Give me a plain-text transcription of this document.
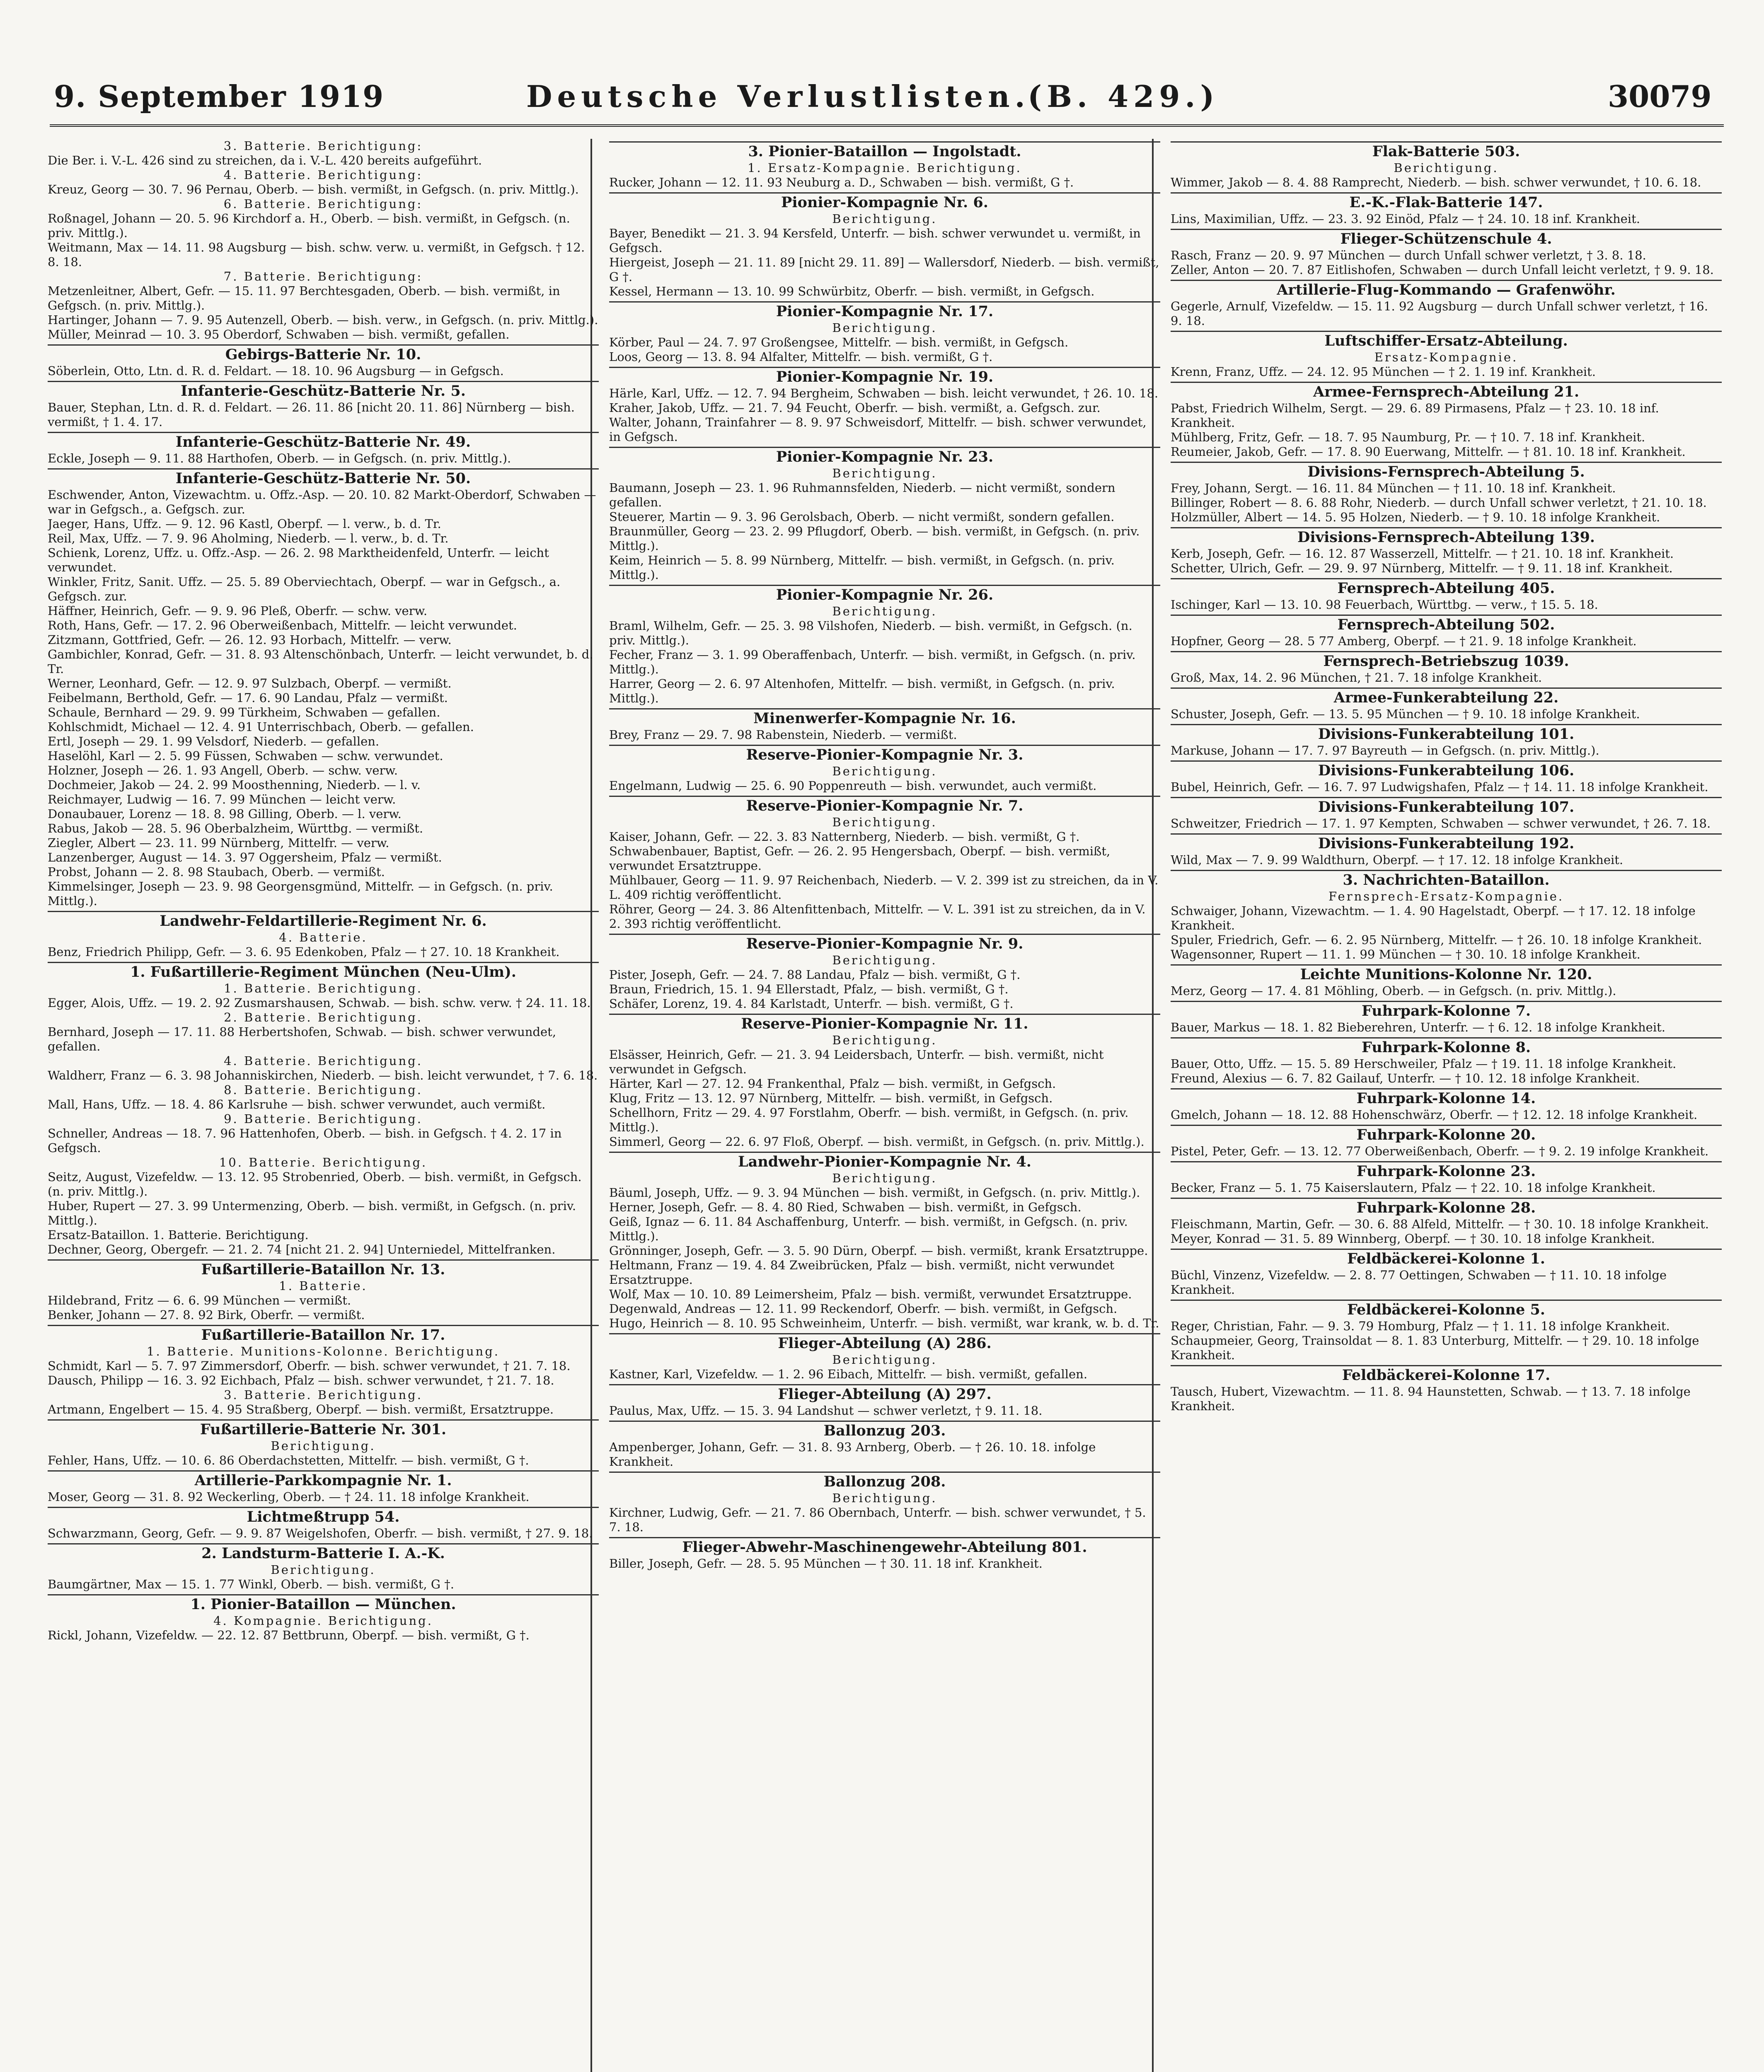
9. September 1919	Deutsche Verlustlisten.
(B. 429.)	30079
3. Batterie. Berichtigung:
Die Ber. i. V.-L. 426 sind zu streichen, da i. V.-L. 420 bereits aufgeführt.
4. Batterie. Berichtigung:
Kreuz, Georg — 30. 7. 96 Pernau, Oberb. — bish. vermißt, in Gefgsch. (n. priv. Mittlg.).
6. Batterie. Berichtigung:
Roßnagel, Johann — 20. 5. 96 Kirchdorf a. H., Oberb. — bish. vermißt, in Gefgsch. (n. priv. Mittlg.).
Weitmann, Max — 14. 11. 98 Augsburg — bish. schw. verw. u. vermißt, in Gefgsch. † 12. 8. 18.
7. Batterie. Berichtigung:
Metzenleitner, Albert, Gefr. — 15. 11. 97 Berchtesgaden, Oberb. — bish. vermißt, in Gefgsch. (n. priv. Mittlg.).
Hartinger, Johann — 7. 9. 95 Autenzell, Oberb. — bish. verw., in Gefgsch. (n. priv. Mittlg.).
Müller, Meinrad — 10. 3. 95 Oberdorf, Schwaben — bish. vermißt, gefallen.
Gebirgs-Batterie Nr. 10.
Söberlein, Otto, Ltn. d. R. d. Feldart. — 18. 10. 96 Augsburg — in Gefgsch.
Infanterie-Geschütz-Batterie Nr. 5.
Bauer, Stephan, Ltn. d. R. d. Feldart. — 26. 11. 86 [nicht 20. 11. 86] Nürnberg — bish. vermißt, † 1. 4. 17.
Infanterie-Geschütz-Batterie Nr. 49.
Eckle, Joseph — 9. 11. 88 Harthofen, Oberb. — in Gefgsch. (n. priv. Mittlg.).
Infanterie-Geschütz-Batterie Nr. 50.
Eschwender, Anton, Vizewachtm. u. Offz.-Asp. — 20. 10. 82 Markt-Oberdorf, Schwaben — war in Gefgsch., a. Gefgsch. zur.
Jaeger, Hans, Uffz. — 9. 12. 96 Kastl, Oberpf. — l. verw., b. d. Tr.
Reil, Max, Uffz. — 7. 9. 96 Aholming, Niederb. — l. verw., b. d. Tr.
Schienk, Lorenz, Uffz. u. Offz.-Asp. — 26. 2. 98 Marktheidenfeld, Unterfr. — leicht verwundet.
Winkler, Fritz, Sanit. Uffz. — 25. 5. 89 Oberviechtach, Oberpf. — war in Gefgsch., a. Gefgsch. zur.
Häffner, Heinrich, Gefr. — 9. 9. 96 Pleß, Oberfr. — schw. verw.
Roth, Hans, Gefr. — 17. 2. 96 Oberweißenbach, Mittelfr. — leicht verwundet.
Zitzmann, Gottfried, Gefr. — 26. 12. 93 Horbach, Mittelfr. — verw.
Gambichler, Konrad, Gefr. — 31. 8. 93 Altenschönbach, Unterfr. — leicht verwundet, b. d. Tr.
Werner, Leonhard, Gefr. — 12. 9. 97 Sulzbach, Oberpf. — vermißt.
Feibelmann, Berthold, Gefr. — 17. 6. 90 Landau, Pfalz — vermißt.
Schaule, Bernhard — 29. 9. 99 Türkheim, Schwaben — gefallen.
Kohlschmidt, Michael — 12. 4. 91 Unterrischbach, Oberb. — gefallen.
Ertl, Joseph — 29. 1. 99 Velsdorf, Niederb. — gefallen.
Haselöhl, Karl — 2. 5. 99 Füssen, Schwaben — schw. verwundet.
Holzner, Joseph — 26. 1. 93 Angell, Oberb. — schw. verw.
Dochmeier, Jakob — 24. 2. 99 Moosthenning, Niederb. — l. v.
Reichmayer, Ludwig — 16. 7. 99 München — leicht verw.
Donaubauer, Lorenz — 18. 8. 98 Gilling, Oberb. — l. verw.
Rabus, Jakob — 28. 5. 96 Oberbalzheim, Württbg. — vermißt.
Ziegler, Albert — 23. 11. 99 Nürnberg, Mittelfr. — verw.
Lanzenberger, August — 14. 3. 97 Oggersheim, Pfalz — vermißt.
Probst, Johann — 2. 8. 98 Staubach, Oberb. — vermißt.
Kimmelsinger, Joseph — 23. 9. 98 Georgensgmünd, Mittelfr. — in Gefgsch. (n. priv. Mittlg.).
Landwehr-Feldartillerie-Regiment Nr. 6.
4. Batterie.
Benz, Friedrich Philipp, Gefr. — 3. 6. 95 Edenkoben, Pfalz — † 27. 10. 18 Krankheit.
1. Fußartillerie-Regiment München (Neu-Ulm).
1. Batterie. Berichtigung.
Egger, Alois, Uffz. — 19. 2. 92 Zusmarshausen, Schwab. — bish. schw. verw. † 24. 11. 18.
2. Batterie. Berichtigung.
Bernhard, Joseph — 17. 11. 88 Herbertshofen, Schwab. — bish. schwer verwundet, gefallen.
4. Batterie. Berichtigung.
Waldherr, Franz — 6. 3. 98 Johanniskirchen, Niederb. — bish. leicht verwundet, † 7. 6. 18.
8. Batterie. Berichtigung.
Mall, Hans, Uffz. — 18. 4. 86 Karlsruhe — bish. schwer verwundet, auch vermißt.
9. Batterie. Berichtigung.
Schneller, Andreas — 18. 7. 96 Hattenhofen, Oberb. — bish. in Gefgsch. † 4. 2. 17 in Gefgsch.
10. Batterie. Berichtigung.
Seitz, August, Vizefeldw. — 13. 12. 95 Strobenried, Oberb. — bish. vermißt, in Gefgsch. (n. priv. Mittlg.).
Huber, Rupert — 27. 3. 99 Untermenzing, Oberb. — bish. vermißt, in Gefgsch. (n. priv. Mittlg.).
Ersatz-Bataillon. 1. Batterie. Berichtigung.
Dechner, Georg, Obergefr. — 21. 2. 74 [nicht 21. 2. 94] Unterniedel, Mittelfranken.
Fußartillerie-Bataillon Nr. 13.
1. Batterie.
Hildebrand, Fritz — 6. 6. 99 München — vermißt.
Benker, Johann — 27. 8. 92 Birk, Oberfr. — vermißt.
Fußartillerie-Bataillon Nr. 17.
1. Batterie. Munitions-Kolonne. Berichtigung.
Schmidt, Karl — 5. 7. 97 Zimmersdorf, Oberfr. — bish. schwer verwundet, † 21. 7. 18.
Dausch, Philipp — 16. 3. 92 Eichbach, Pfalz — bish. schwer verwundet, † 21. 7. 18.
3. Batterie. Berichtigung.
Artmann, Engelbert — 15. 4. 95 Straßberg, Oberpf. — bish. vermißt, Ersatztruppe.
Fußartillerie-Batterie Nr. 301.
Berichtigung.
Fehler, Hans, Uffz. — 10. 6. 86 Oberdachstetten, Mittelfr. — bish. vermißt, G †.
Artillerie-Parkkompagnie Nr. 1.
Moser, Georg — 31. 8. 92 Weckerling, Oberb. — † 24. 11. 18 infolge Krankheit.
Lichtmeßtrupp 54.
Schwarzmann, Georg, Gefr. — 9. 9. 87 Weigelshofen, Oberfr. — bish. vermißt, † 27. 9. 18.
2. Landsturm-Batterie I. A.-K.
Berichtigung.
Baumgärtner, Max — 15. 1. 77 Winkl, Oberb. — bish. vermißt, G †.
1. Pionier-Bataillon — München.
4. Kompagnie. Berichtigung.
Rickl, Johann, Vizefeldw. — 22. 12. 87 Bettbrunn, Oberpf. — bish. vermißt, G †.
3. Pionier-Bataillon — Ingolstadt.
1. Ersatz-Kompagnie. Berichtigung.
Rucker, Johann — 12. 11. 93 Neuburg a. D., Schwaben — bish. vermißt, G †.
Pionier-Kompagnie Nr. 6.
Berichtigung.
Bayer, Benedikt — 21. 3. 94 Kersfeld, Unterfr. — bish. schwer verwundet u. vermißt, in Gefgsch.
Hiergeist, Joseph — 21. 11. 89 [nicht 29. 11. 89] — Wallersdorf, Niederb. — bish. vermißt, G †.
Kessel, Hermann — 13. 10. 99 Schwürbitz, Oberfr. — bish. vermißt, in Gefgsch.
Pionier-Kompagnie Nr. 17.
Berichtigung.
Körber, Paul — 24. 7. 97 Großengsee, Mittelfr. — bish. vermißt, in Gefgsch.
Loos, Georg — 13. 8. 94 Alfalter, Mittelfr. — bish. vermißt, G †.
Pionier-Kompagnie Nr. 19.
Härle, Karl, Uffz. — 12. 7. 94 Bergheim, Schwaben — bish. leicht verwundet, † 26. 10. 18.
Kraher, Jakob, Uffz. — 21. 7. 94 Feucht, Oberfr. — bish. vermißt, a. Gefgsch. zur.
Walter, Johann, Trainfahrer — 8. 9. 97 Schweisdorf, Mittelfr. — bish. schwer verwundet, in Gefgsch.
Pionier-Kompagnie Nr. 23.
Berichtigung.
Baumann, Joseph — 23. 1. 96 Ruhmannsfelden, Niederb. — nicht vermißt, sondern gefallen.
Steuerer, Martin — 9. 3. 96 Gerolsbach, Oberb. — nicht vermißt, sondern gefallen.
Braunmüller, Georg — 23. 2. 99 Pflugdorf, Oberb. — bish. vermißt, in Gefgsch. (n. priv. Mittlg.).
Keim, Heinrich — 5. 8. 99 Nürnberg, Mittelfr. — bish. vermißt, in Gefgsch. (n. priv. Mittlg.).
Pionier-Kompagnie Nr. 26.
Berichtigung.
Braml, Wilhelm, Gefr. — 25. 3. 98 Vilshofen, Niederb. — bish. vermißt, in Gefgsch. (n. priv. Mittlg.).
Fecher, Franz — 3. 1. 99 Oberaffenbach, Unterfr. — bish. vermißt, in Gefgsch. (n. priv. Mittlg.).
Harrer, Georg — 2. 6. 97 Altenhofen, Mittelfr. — bish. vermißt, in Gefgsch. (n. priv. Mittlg.).
Minenwerfer-Kompagnie Nr. 16.
Brey, Franz — 29. 7. 98 Rabenstein, Niederb. — vermißt.
Reserve-Pionier-Kompagnie Nr. 3.
Berichtigung.
Engelmann, Ludwig — 25. 6. 90 Poppenreuth — bish. verwundet, auch vermißt.
Reserve-Pionier-Kompagnie Nr. 7.
Berichtigung.
Kaiser, Johann, Gefr. — 22. 3. 83 Natternberg, Niederb. — bish. vermißt, G †.
Schwabenbauer, Baptist, Gefr. — 26. 2. 95 Hengersbach, Oberpf. — bish. vermißt, verwundet Ersatztruppe.
Mühlbauer, Georg — 11. 9. 97 Reichenbach, Niederb. — V. 2. 399 ist zu streichen, da in V. L. 409 richtig veröffentlicht.
Röhrer, Georg — 24. 3. 86 Altenfittenbach, Mittelfr. — V. L. 391 ist zu streichen, da in V. 2. 393 richtig veröffentlicht.
Reserve-Pionier-Kompagnie Nr. 9.
Berichtigung.
Pister, Joseph, Gefr. — 24. 7. 88 Landau, Pfalz — bish. vermißt, G †.
Braun, Friedrich, 15. 1. 94 Ellerstadt, Pfalz, — bish. vermißt, G †.
Schäfer, Lorenz, 19. 4. 84 Karlstadt, Unterfr. — bish. vermißt, G †.
Reserve-Pionier-Kompagnie Nr. 11.
Berichtigung.
Elsässer, Heinrich, Gefr. — 21. 3. 94 Leidersbach, Unterfr. — bish. vermißt, nicht verwundet in Gefgsch.
Härter, Karl — 27. 12. 94 Frankenthal, Pfalz — bish. vermißt, in Gefgsch.
Klug, Fritz — 13. 12. 97 Nürnberg, Mittelfr. — bish. vermißt, in Gefgsch.
Schellhorn, Fritz — 29. 4. 97 Forstlahm, Oberfr. — bish. vermißt, in Gefgsch. (n. priv. Mittlg.).
Simmerl, Georg — 22. 6. 97 Floß, Oberpf. — bish. vermißt, in Gefgsch. (n. priv. Mittlg.).
Landwehr-Pionier-Kompagnie Nr. 4.
Berichtigung.
Bäuml, Joseph, Uffz. — 9. 3. 94 München — bish. vermißt, in Gefgsch. (n. priv. Mittlg.).
Herner, Joseph, Gefr. — 8. 4. 80 Ried, Schwaben — bish. vermißt, in Gefgsch.
Geiß, Ignaz — 6. 11. 84 Aschaffenburg, Unterfr. — bish. vermißt, in Gefgsch. (n. priv. Mittlg.).
Grönninger, Joseph, Gefr. — 3. 5. 90 Dürn, Oberpf. — bish. vermißt, krank Ersatztruppe.
Heltmann, Franz — 19. 4. 84 Zweibrücken, Pfalz — bish. vermißt, nicht verwundet Ersatztruppe.
Wolf, Max — 10. 10. 89 Leimersheim, Pfalz — bish. vermißt, verwundet Ersatztruppe.
Degenwald, Andreas — 12. 11. 99 Reckendorf, Oberfr. — bish. vermißt, in Gefgsch.
Hugo, Heinrich — 8. 10. 95 Schweinheim, Unterfr. — bish. vermißt, war krank, w. b. d. Tr.
Flieger-Abteilung (A) 286.
Berichtigung.
Kastner, Karl, Vizefeldw. — 1. 2. 96 Eibach, Mittelfr. — bish. vermißt, gefallen.
Flieger-Abteilung (A) 297.
Paulus, Max, Uffz. — 15. 3. 94 Landshut — schwer verletzt, † 9. 11. 18.
Ballonzug 203.
Ampenberger, Johann, Gefr. — 31. 8. 93 Arnberg, Oberb. — † 26. 10. 18. infolge Krankheit.
Ballonzug 208.
Berichtigung.
Kirchner, Ludwig, Gefr. — 21. 7. 86 Obernbach, Unterfr. — bish. schwer verwundet, † 5. 7. 18.
Flieger-Abwehr-Maschinengewehr-Abteilung 801.
Biller, Joseph, Gefr. — 28. 5. 95 München — † 30. 11. 18 inf. Krankheit.
Flak-Batterie 503.
Berichtigung.
Wimmer, Jakob — 8. 4. 88 Ramprecht, Niederb. — bish. schwer verwundet, † 10. 6. 18.
E.-K.-Flak-Batterie 147.
Lins, Maximilian, Uffz. — 23. 3. 92 Einöd, Pfalz — † 24. 10. 18 inf. Krankheit.
Flieger-Schützenschule 4.
Rasch, Franz — 20. 9. 97 München — durch Unfall schwer verletzt, † 3. 8. 18.
Zeller, Anton — 20. 7. 87 Eitlishofen, Schwaben — durch Unfall leicht verletzt, † 9. 9. 18.
Artillerie-Flug-Kommando — Grafenwöhr.
Gegerle, Arnulf, Vizefeldw. — 15. 11. 92 Augsburg — durch Unfall schwer verletzt, † 16. 9. 18.
Luftschiffer-Ersatz-Abteilung.
Ersatz-Kompagnie.
Krenn, Franz, Uffz. — 24. 12. 95 München — † 2. 1. 19 inf. Krankheit.
Armee-Fernsprech-Abteilung 21.
Pabst, Friedrich Wilhelm, Sergt. — 29. 6. 89 Pirmasens, Pfalz — † 23. 10. 18 inf. Krankheit.
Mühlberg, Fritz, Gefr. — 18. 7. 95 Naumburg, Pr. — † 10. 7. 18 inf. Krankheit.
Reumeier, Jakob, Gefr. — 17. 8. 90 Euerwang, Mittelfr. — † 81. 10. 18 inf. Krankheit.
Divisions-Fernsprech-Abteilung 5.
Frey, Johann, Sergt. — 16. 11. 84 München — † 11. 10. 18 inf. Krankheit.
Billinger, Robert — 8. 6. 88 Rohr, Niederb. — durch Unfall schwer verletzt, † 21. 10. 18.
Holzmüller, Albert — 14. 5. 95 Holzen, Niederb. — † 9. 10. 18 infolge Krankheit.
Divisions-Fernsprech-Abteilung 139.
Kerb, Joseph, Gefr. — 16. 12. 87 Wasserzell, Mittelfr. — † 21. 10. 18 inf. Krankheit.
Schetter, Ulrich, Gefr. — 29. 9. 97 Nürnberg, Mittelfr. — † 9. 11. 18 inf. Krankheit.
Fernsprech-Abteilung 405.
Ischinger, Karl — 13. 10. 98 Feuerbach, Württbg. — verw., † 15. 5. 18.
Fernsprech-Abteilung 502.
Hopfner, Georg — 28. 5 77 Amberg, Oberpf. — † 21. 9. 18 infolge Krankheit.
Fernsprech-Betriebszug 1039.
Groß, Max, 14. 2. 96 München, † 21. 7. 18 infolge Krankheit.
Armee-Funkerabteilung 22.
Schuster, Joseph, Gefr. — 13. 5. 95 München — † 9. 10. 18 infolge Krankheit.
Divisions-Funkerabteilung 101.
Markuse, Johann — 17. 7. 97 Bayreuth — in Gefgsch. (n. priv. Mittlg.).
Divisions-Funkerabteilung 106.
Bubel, Heinrich, Gefr. — 16. 7. 97 Ludwigshafen, Pfalz — † 14. 11. 18 infolge Krankheit.
Divisions-Funkerabteilung 107.
Schweitzer, Friedrich — 17. 1. 97 Kempten, Schwaben — schwer verwundet, † 26. 7. 18.
Divisions-Funkerabteilung 192.
Wild, Max — 7. 9. 99 Waldthurn, Oberpf. — † 17. 12. 18 infolge Krankheit.
3. Nachrichten-Bataillon.
Fernsprech-Ersatz-Kompagnie.
Schwaiger, Johann, Vizewachtm. — 1. 4. 90 Hagelstadt, Oberpf. — † 17. 12. 18 infolge Krankheit.
Spuler, Friedrich, Gefr. — 6. 2. 95 Nürnberg, Mittelfr. — † 26. 10. 18 infolge Krankheit.
Wagensonner, Rupert — 11. 1. 99 München — † 30. 10. 18 infolge Krankheit.
Leichte Munitions-Kolonne Nr. 120.
Merz, Georg — 17. 4. 81 Möhling, Oberb. — in Gefgsch. (n. priv. Mittlg.).
Fuhrpark-Kolonne 7.
Bauer, Markus — 18. 1. 82 Bieberehren, Unterfr. — † 6. 12. 18 infolge Krankheit.
Fuhrpark-Kolonne 8.
Bauer, Otto, Uffz. — 15. 5. 89 Herschweiler, Pfalz — † 19. 11. 18 infolge Krankheit.
Freund, Alexius — 6. 7. 82 Gailauf, Unterfr. — † 10. 12. 18 infolge Krankheit.
Fuhrpark-Kolonne 14.
Gmelch, Johann — 18. 12. 88 Hohenschwärz, Oberfr. — † 12. 12. 18 infolge Krankheit.
Fuhrpark-Kolonne 20.
Pistel, Peter, Gefr. — 13. 12. 77 Oberweißenbach, Oberfr. — † 9. 2. 19 infolge Krankheit.
Fuhrpark-Kolonne 23.
Becker, Franz — 5. 1. 75 Kaiserslautern, Pfalz — † 22. 10. 18 infolge Krankheit.
Fuhrpark-Kolonne 28.
Fleischmann, Martin, Gefr. — 30. 6. 88 Alfeld, Mittelfr. — † 30. 10. 18 infolge Krankheit.
Meyer, Konrad — 31. 5. 89 Winnberg, Oberpf. — † 30. 10. 18 infolge Krankheit.
Feldbäckerei-Kolonne 1.
Büchl, Vinzenz, Vizefeldw. — 2. 8. 77 Oettingen, Schwaben — † 11. 10. 18 infolge Krankheit.
Feldbäckerei-Kolonne 5.
Reger, Christian, Fahr. — 9. 3. 79 Homburg, Pfalz — † 1. 11. 18 infolge Krankheit.
Schaupmeier, Georg, Trainsoldat — 8. 1. 83 Unterburg, Mittelfr. — † 29. 10. 18 infolge Krankheit.
Feldbäckerei-Kolonne 17.
Tausch, Hubert, Vizewachtm. — 11. 8. 94 Haunstetten, Schwab. — † 13. 7. 18 infolge Krankheit.
